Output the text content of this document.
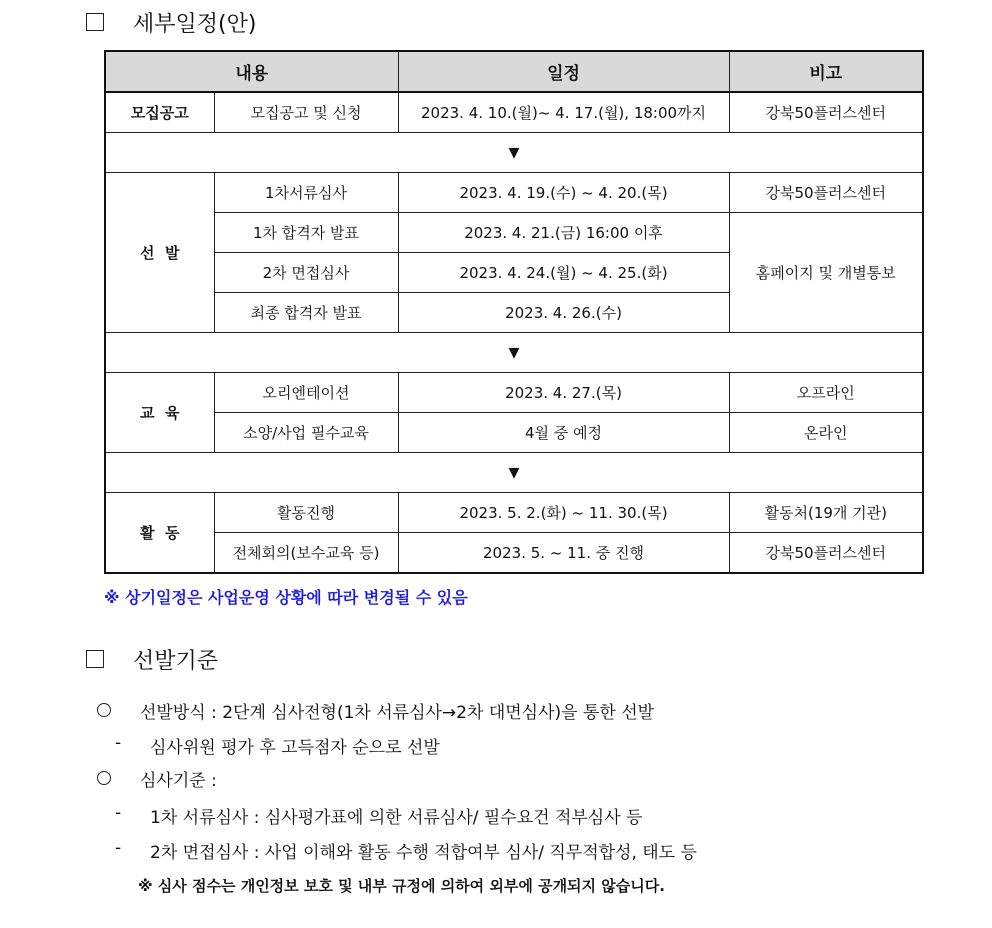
세부일정(안)
내용		일정	비고
모집공고	모집공고 및 신청	2023. 4. 10.(월)~ 4. 17.(월), 18:00까지	강북50플러스센터
▼			
선  발	1차서류심사	2023. 4. 19.(수) ~ 4. 20.(목)	강북50플러스센터
	1차 합격자 발표	2023. 4. 21.(금) 16:00 이후	홈페이지 및 개별통보
	2차 면접심사	2023. 4. 24.(월) ~ 4. 25.(화)	
	최종 합격자 발표	2023. 4. 26.(수)	
▼			
교  육	오리엔테이션	2023. 4. 27.(목)	오프라인
	소양/사업 필수교육	4월 중 예정	온라인
▼			
활  동	활동진행	2023. 5. 2.(화) ~ 11. 30.(목)	활동처(19개 기관)
	전체회의(보수교육 등)	2023. 5. ~ 11. 중 진행	강북50플러스센터
※ 상기일정은 사업운영 상황에 따라 변경될 수 있음
선발기준
선발방식 : 2단계 심사전형(1차 서류심사→2차 대면심사)을 통한 선발
- 심사위원 평가 후 고득점자 순으로 선발
심사기준 :
- 1차 서류심사 : 심사평가표에 의한 서류심사/ 필수요건 적부심사 등
- 2차 면접심사 : 사업 이해와 활동 수행 적합여부 심사/ 직무적합성, 태도 등
※ 심사 점수는 개인정보 보호 및 내부 규정에 의하여 외부에 공개되지 않습니다.
